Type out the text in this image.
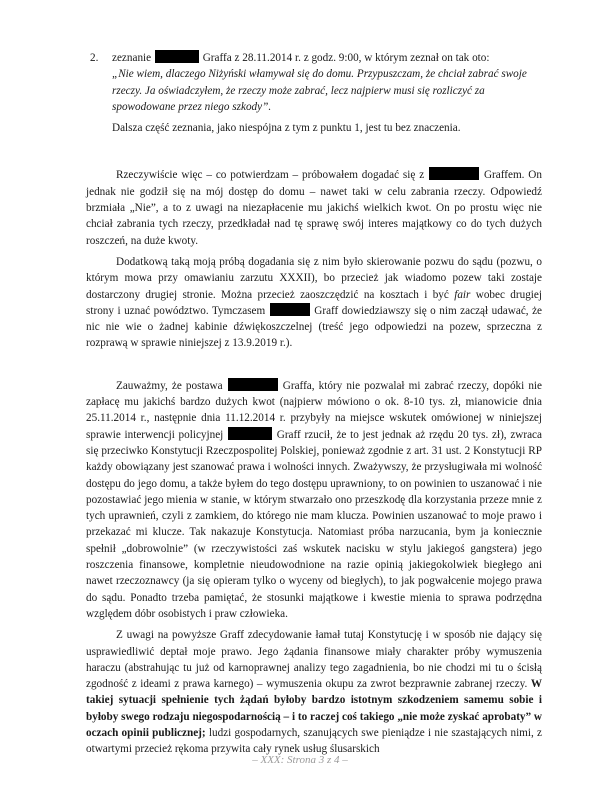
2.	zeznanie	Graffa z 28.11.2014 r. z godz. 9:00, w którym zeznał on tak oto:

„Nie wiem, dlaczego Niżyński włamywał się do domu. Przypuszczam, że chciał zabrać swoje rzeczy. Ja oświadczyłem, że rzeczy może zabrać, lecz najpierw musi się rozliczyć za spowodowane przez niego szkody”.

Dalsza część zeznania, jako niespójna z tym z punktu 1, jest tu bez znaczenia.

Rzeczywiście więc – co potwierdzam – próbowałem dogadać się z	Graffem. On jednak nie godził się na mój dostęp do domu – nawet taki w celu zabrania rzeczy. Odpowiedź brzmiała „Nie”, a to z uwagi na niezapłacenie mu jakichś wielkich kwot. On po prostu więc nie chciał zabrania tych rzeczy, przedkładał nad tę sprawę swój interes majątkowy co do tych dużych roszczeń, na duże kwoty.

Dodatkową taką moją próbą dogadania się z nim było skierowanie pozwu do sądu (pozwu, o którym mowa przy omawianiu zarzutu XXXII), bo przecież jak wiadomo pozew taki zostaje dostarczony drugiej stronie. Można przecież zaoszczędzić na kosztach i być fair wobec drugiej strony i uznać powództwo. Tymczasem	Graff dowiedziawszy się o nim zaczął udawać, że nic nie wie o żadnej kabinie dźwiękoszczelnej (treść jego odpowiedzi na pozew, sprzeczna z rozprawą w sprawie niniejszej z 13.9.2019 r.).

Zauważmy, że postawa	Graffa, który nie pozwalał mi zabrać rzeczy, dopóki nie zapłacę mu jakichś bardzo dużych kwot (najpierw mówiono o ok. 8-10 tys. zł, mianowicie dnia 25.11.2014 r., następnie dnia 11.12.2014 r. przybyły na miejsce wskutek omówionej w niniejszej sprawie interwencji policyjnej	Graff rzucił, że to jest jednak aż rzędu 20 tys. zł), zwraca się przeciwko Konstytucji Rzeczpospolitej Polskiej, ponieważ zgodnie z art. 31 ust. 2 Konstytucji RP każdy obowiązany jest szanować prawa i wolności innych. Zważywszy, że przysługiwała mi wolność dostępu do jego domu, a także byłem do tego dostępu uprawniony, to on powinien to uszanować i nie pozostawiać jego mienia w stanie, w którym stwarzało ono przeszkodę dla korzystania przeze mnie z tych uprawnień, czyli z zamkiem, do którego nie mam klucza. Powinien uszanować to moje prawo i przekazać mi klucze. Tak nakazuje Konstytucja. Natomiast próba narzucania, bym ja koniecznie spełnił „dobrowolnie” (w rzeczywistości zaś wskutek nacisku w stylu jakiegoś gangstera) jego roszczenia finansowe, kompletnie nieudowodnione na razie opinią jakiegokolwiek biegłego ani nawet rzeczoznawcy (ja się opieram tylko o wyceny od biegłych), to jak pogwałcenie mojego prawa do sądu. Ponadto trzeba pamiętać, że stosunki majątkowe i kwestie mienia to sprawa podrzędna względem dóbr osobistych i praw człowieka.

Z uwagi na powyższe Graff zdecydowanie łamał tutaj Konstytucję i w sposób nie dający się usprawiedliwić deptał moje prawo. Jego żądania finansowe miały charakter próby wymuszenia haraczu (abstrahując tu już od karnoprawnej analizy tego zagadnienia, bo nie chodzi mi tu o ścisłą zgodność z ideami z prawa karnego) – wymuszenia okupu za zwrot bezprawnie zabranej rzeczy. W takiej sytuacji spełnienie tych żądań byłoby bardzo istotnym szkodzeniem samemu sobie i byłoby swego rodzaju niegospodarnością – i to raczej coś takiego „nie może zyskać aprobaty” w oczach opinii publicznej; ludzi gospodarnych, szanujących swe pieniądze i nie szastających nimi, z otwartymi przecież rękoma przywita cały rynek usług ślusarskich

– XXX: Strona 3 z 4 –
